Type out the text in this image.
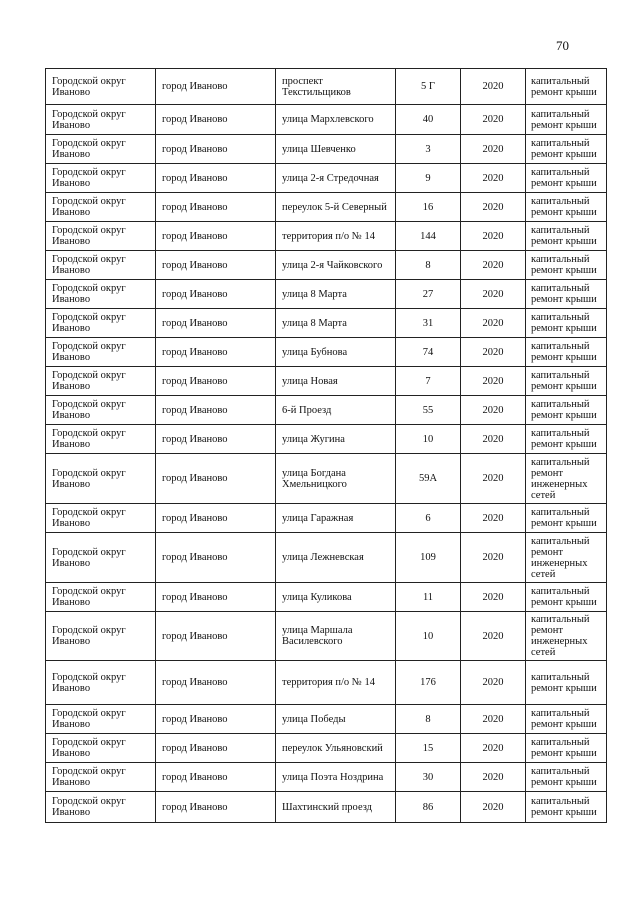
70
Городской округ Иваново	город Иваново	проспект Текстильщиков	5 Г	2020	капитальный ремонт крыши
Городской округ Иваново	город Иваново	улица Мархлевского	40	2020	капитальный ремонт крыши
Городской округ Иваново	город Иваново	улица Шевченко	3	2020	капитальный ремонт крыши
Городской округ Иваново	город Иваново	улица 2-я Стредочная	9	2020	капитальный ремонт крыши
Городской округ Иваново	город Иваново	переулок 5-й Северный	16	2020	капитальный ремонт крыши
Городской округ Иваново	город Иваново	территория п/о № 14	144	2020	капитальный ремонт крыши
Городской округ Иваново	город Иваново	улица 2-я Чайковского	8	2020	капитальный ремонт крыши
Городской округ Иваново	город Иваново	улица 8 Марта	27	2020	капитальный ремонт крыши
Городской округ Иваново	город Иваново	улица 8 Марта	31	2020	капитальный ремонт крыши
Городской округ Иваново	город Иваново	улица Бубнова	74	2020	капитальный ремонт крыши
Городской округ Иваново	город Иваново	улица Новая	7	2020	капитальный ремонт крыши
Городской округ Иваново	город Иваново	6-й Проезд	55	2020	капитальный ремонт крыши
Городской округ Иваново	город Иваново	улица Жугина	10	2020	капитальный ремонт крыши
Городской округ Иваново	город Иваново	улица Богдана Хмельницкого	59А	2020	капитальный ремонт инженерных сетей
Городской округ Иваново	город Иваново	улица Гаражная	6	2020	капитальный ремонт крыши
Городской округ Иваново	город Иваново	улица Лежневская	109	2020	капитальный ремонт инженерных сетей
Городской округ Иваново	город Иваново	улица Куликова	11	2020	капитальный ремонт крыши
Городской округ Иваново	город Иваново	улица Маршала Василевского	10	2020	капитальный ремонт инженерных сетей
Городской округ Иваново	город Иваново	территория п/о № 14	176	2020	капитальный ремонт крыши
Городской округ Иваново	город Иваново	улица Победы	8	2020	капитальный ремонт крыши
Городской округ Иваново	город Иваново	переулок Ульяновский	15	2020	капитальный ремонт крыши
Городской округ Иваново	город Иваново	улица Поэта Ноздрина	30	2020	капитальный ремонт крыши
Городской округ Иваново	город Иваново	Шахтинский проезд	86	2020	капитальный ремонт крыши
